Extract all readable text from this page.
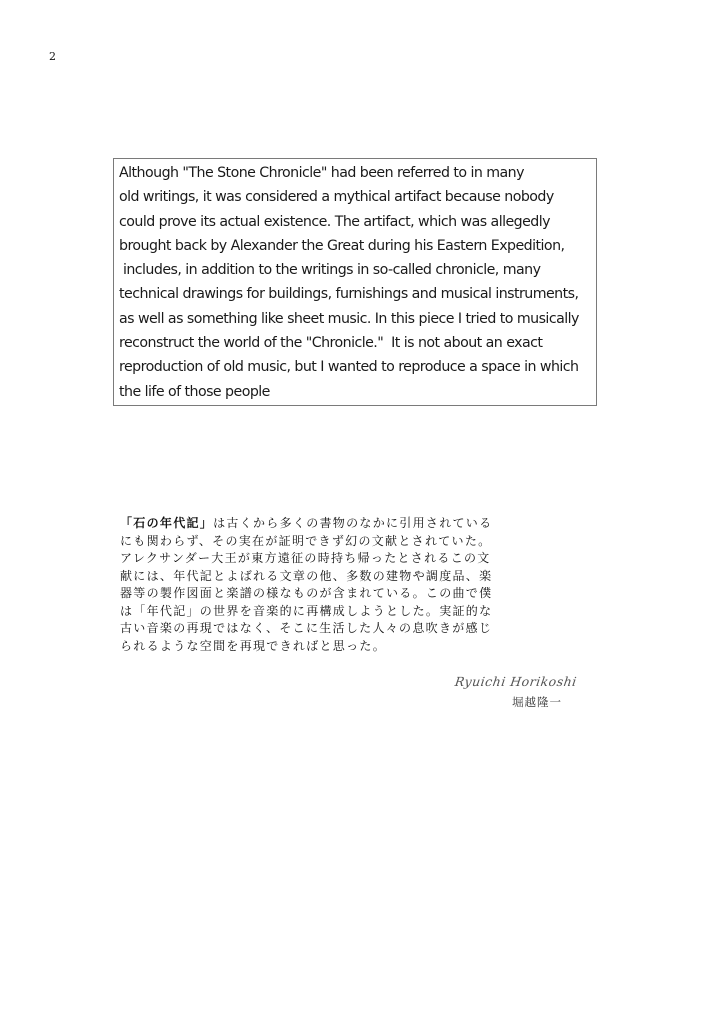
2
Although "The Stone Chronicle" had been referred to in many
old writings, it was considered a mythical artifact because nobody
could prove its actual existence. The artifact, which was allegedly
brought back by Alexander the Great during his Eastern Expedition,
includes, in addition to the writings in so-called chronicle, many
technical drawings for buildings, furnishings and musical instruments,
as well as something like sheet music. In this piece I tried to musically
reconstruct the world of the "Chronicle."  It is not about an exact
reproduction of old music, but I wanted to reproduce a space in which
the life of those people
「石の年代記」は古くから多くの書物のなかに引用されている
にも関わらず、その実在が証明できず幻の文献とされていた。
アレクサンダー大王が東方遠征の時持ち帰ったとされるこの文
献には、年代記とよばれる文章の他、多数の建物や調度品、楽
器等の製作図面と楽譜の様なものが含まれている。この曲で僕
は「年代記」の世界を音楽的に再構成しようとした。実証的な
古い音楽の再現ではなく、そこに生活した人々の息吹きが感じ
られるような空間を再現できればと思った。
Ryuichi Horikoshi
堀越隆一
